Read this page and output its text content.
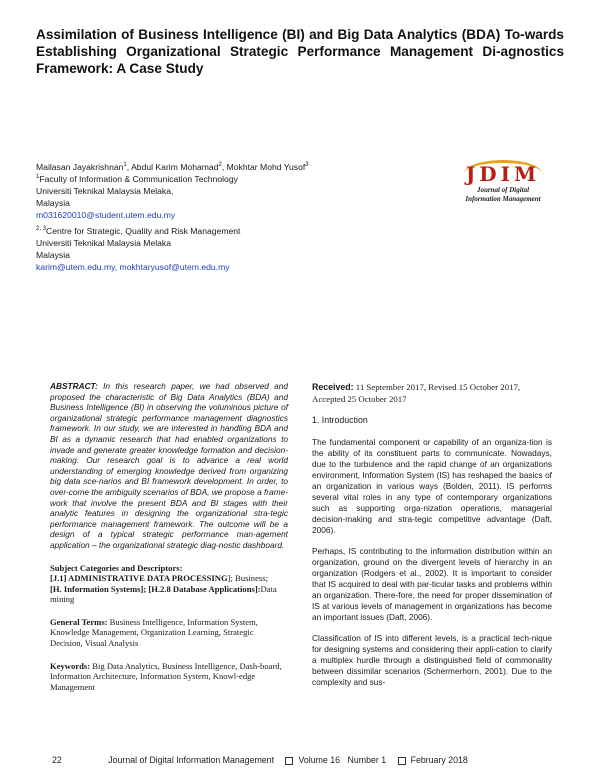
Assimilation of Business Intelligence (BI) and Big Data Analytics (BDA) To-wards Establishing Organizational Strategic Performance Management Di-agnostics Framework: A Case Study
Mailasan Jayakrishnan$^1$, Abdul Karim Mohamad$^2$, Mokhtar Mohd Yusof$^3$
$^1$Faculty of Information & Communication Technology
Universiti Teknikal Malaysia Melaka,
Malaysia
m031620010@student.utem.edu.my
$^{2, 3}$Centre for Strategic, Quality and Risk Management
Universiti Teknikal Malaysia Melaka
Malaysia
karim@utem.edu.my, mokhtaryusof@utem.edu.my
JDIM
Journal of Digital
Information Management

ABSTRACT: In this research paper, we had observed and proposed the characteristic of Big Data Analytics (BDA) and Business Intelligence (BI) in observing the voluminous picture of organizational strategic performance management diagnostics framework. In our study, we are interested in handling BDA and BI as a dynamic research that had enabled organizations to invade and generate greater knowledge formation and decision-making. Our research goal is to advance a real world understanding of emerging knowledge derived from organizing big data sce-narios and BI framework development. In order, to over-come the ambiguity scenarios of BDA, we propose a frame-work that involve the present BDA and BI stages with their analytic features in designing the organizational stra-tegic performance management framework. The outcome will be a design of a typical strategic performance man-agement application – the organizational strategic diag-nostic dashboard.

Subject Categories and Descriptors:
[J.1] ADMINISTRATIVE DATA PROCESSING]; Business;
[H. Information Systems]; [H.2.8 Database Applications]:Data mining
General Terms: Business Intelligence, Information System, Knowledge Management, Organization Learning, Strategic Decision, Visual Analysis
Keywords: Big Data Analytics, Business Intelligence, Dash-board, Information Architecture, Information System, Knowl-edge Management
Received: 11 September 2017, Revised 15 October 2017, Accepted 25 October 2017
1. Introduction

The fundamental component or capability of an organiza-tion is the ability of its constituent parts to communicate. Nowadays, due to the turbulence and the rapid change of an organizations environment, Information System (IS) has reshaped the basics of an organization in various ways (Bolden, 2011). IS performs several vital roles in any type of contemporary organizations such as supporting orga-nization operations, managerial decision-making and stra-tegic competitive advantage (Daft, 2006).

Perhaps, IS contributing to the information distribution within an organization, ground on the divergent levels of hierarchy in an organization (Rodgers et al., 2002). It is important to consider that IS acquired to deal with par-ticular tasks and problems within an organization. There-fore, the need for proper dissemination of IS at various levels of management in organizations has become an important issues (Daft, 2006).

Classification of IS into different levels, is a practical tech-nique for designing systems and considering their appli-cation to clarify a multiplex hurdle through a distinguished field of commonality between dissimilar scenarios (Schermerhorn, 2001). Due to the complexity and sus-

22	Journal of Digital Information Management	Volume 16 Number 1	February 2018
